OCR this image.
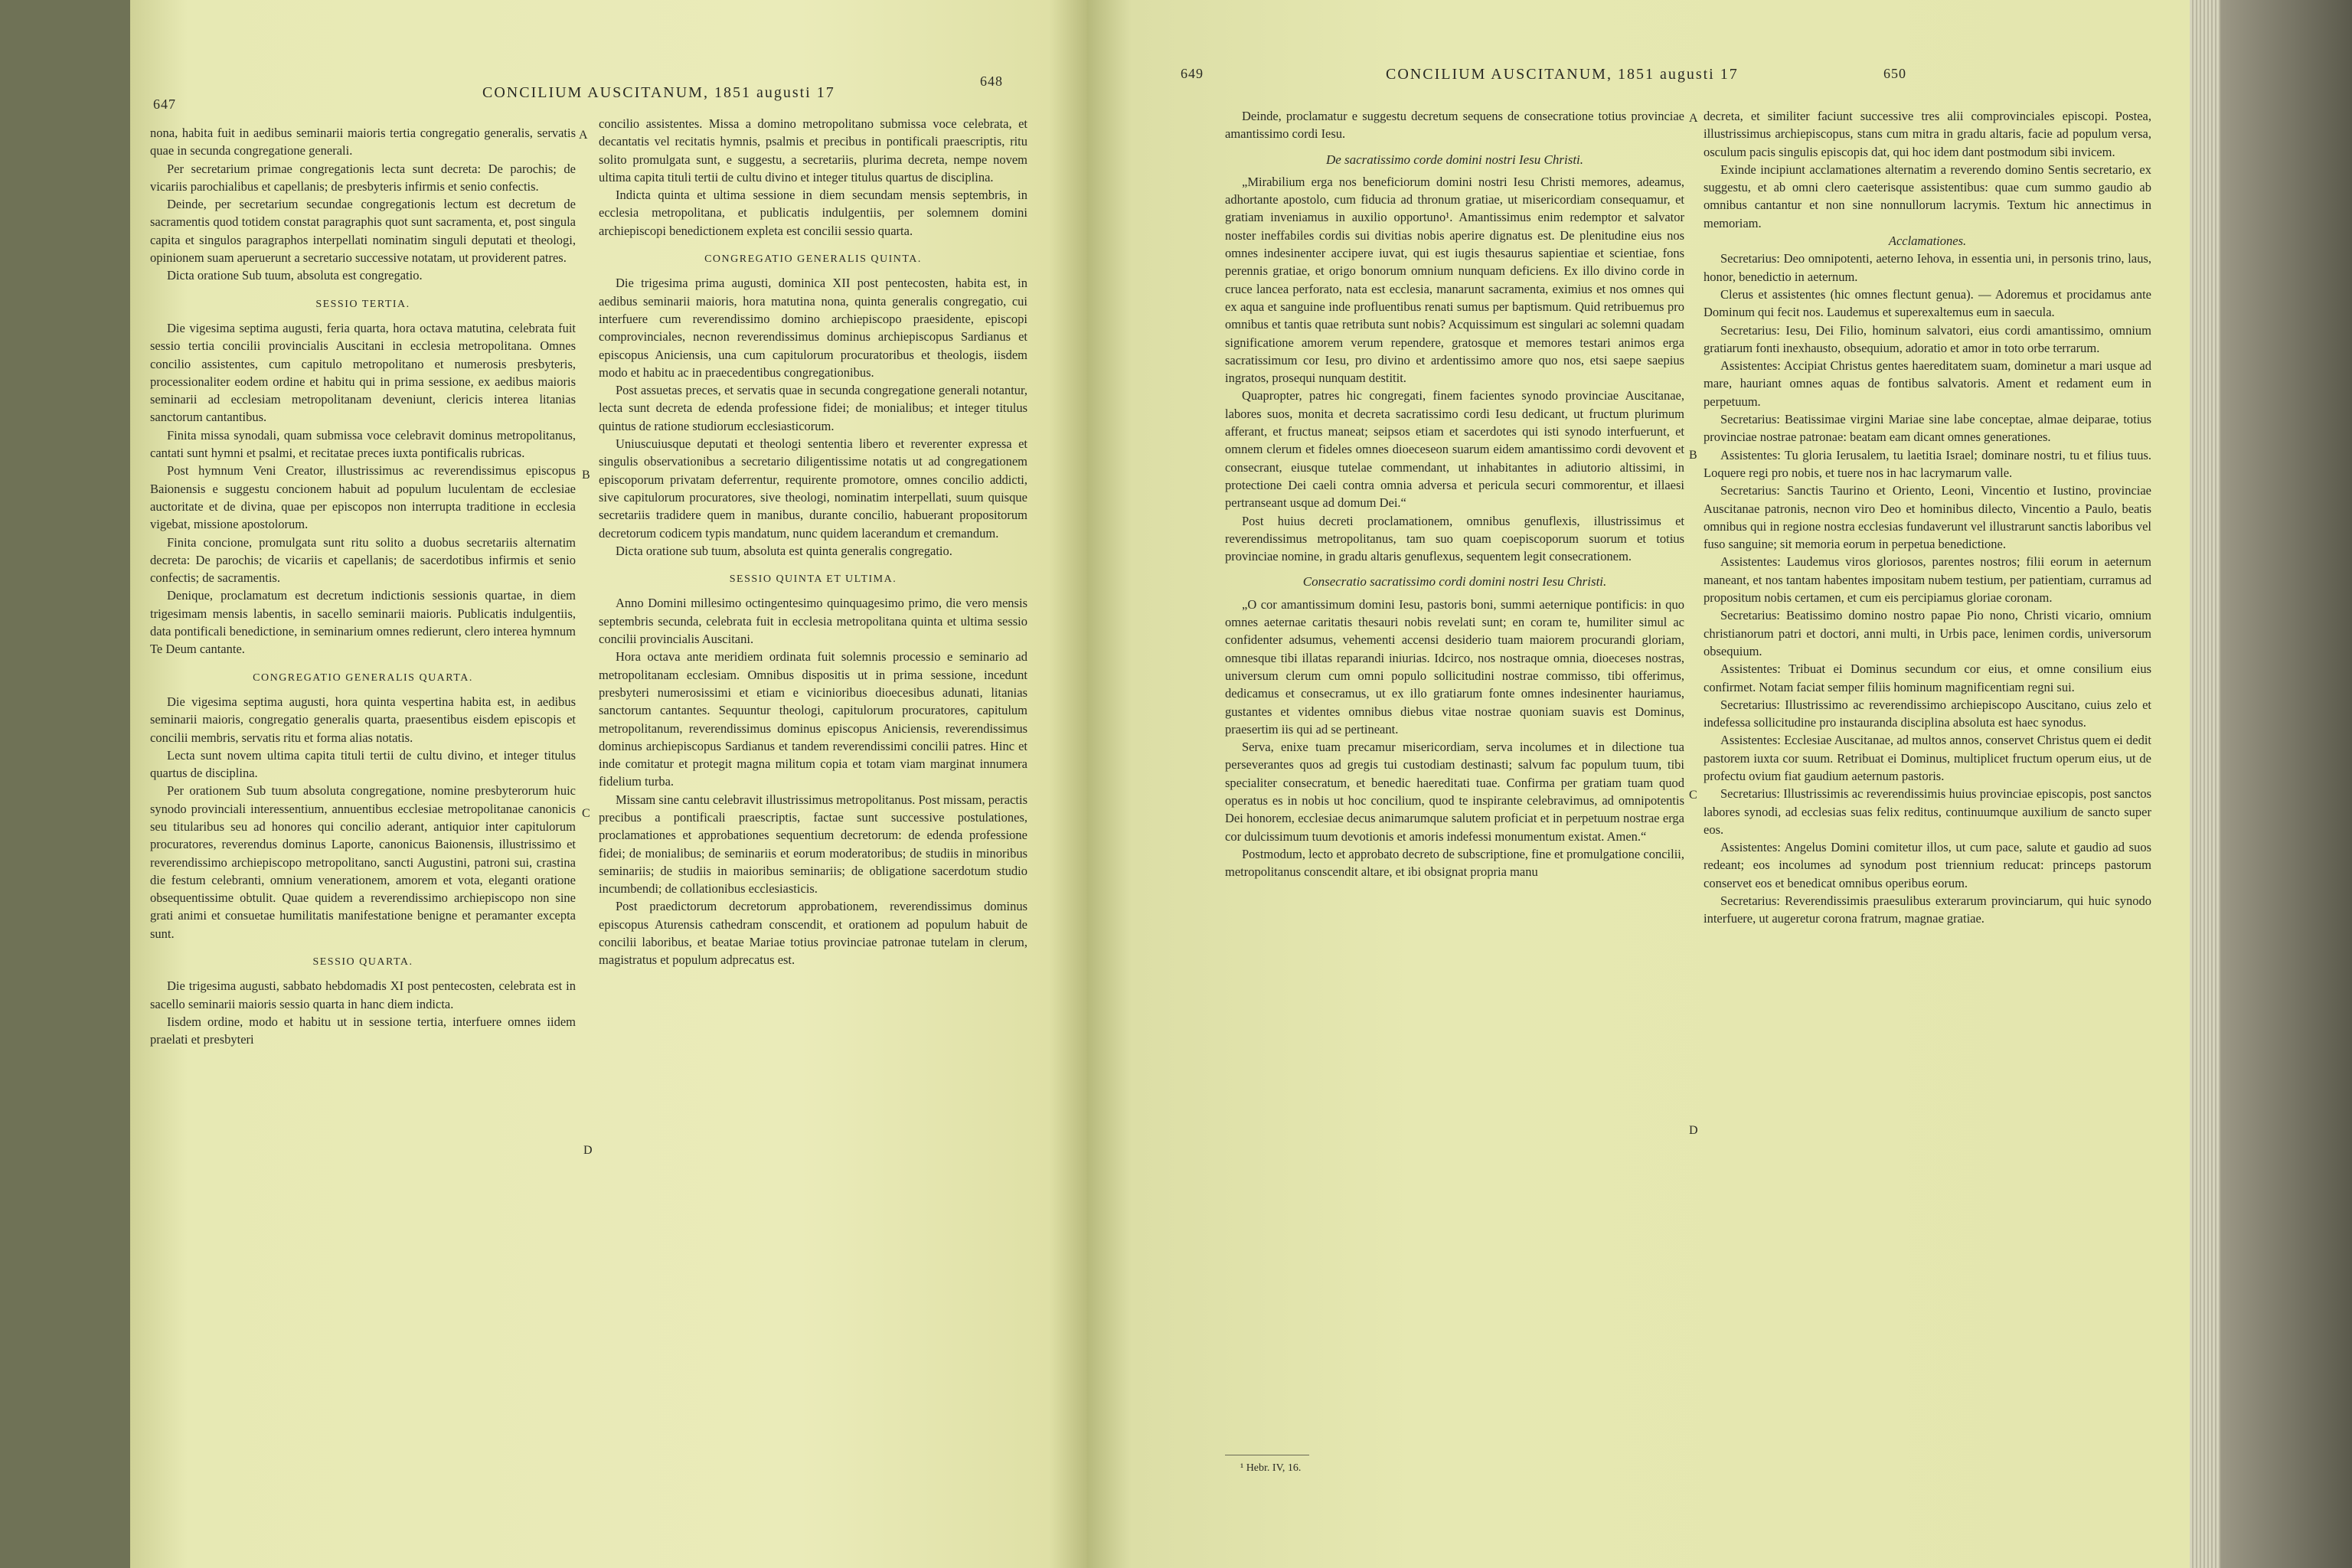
647
CONCILIUM AUSCITANUM, 1851 augusti 17
648

nona, habita fuit in aedibus seminarii maioris tertia congregatio generalis, servatis quae in secunda congregatione generali.

Per secretarium primae congregationis lecta sunt decreta: De parochis; de vicariis parochialibus et capellanis; de presbyteris infirmis et senio confectis.

Deinde, per secretarium secundae congregationis lectum est decretum de sacramentis quod totidem constat paragraphis quot sunt sacramenta, et, post singula capita et singulos paragraphos interpellati nominatim singuli deputati et theologi, opinionem suam aperuerunt a secretario successive notatam, ut providerent patres.

Dicta oratione Sub tuum, absoluta est congregatio.

SESSIO TERTIA.

Die vigesima septima augusti, feria quarta, hora octava matutina, celebrata fuit sessio tertia concilii provincialis Auscitani in ecclesia metropolitana. Omnes concilio assistentes, cum capitulo metropolitano et numerosis presbyteris, processionaliter eodem ordine et habitu qui in prima sessione, ex aedibus maioris seminarii ad ecclesiam metropolitanam deveniunt, clericis interea litanias sanctorum cantantibus.

Finita missa synodali, quam submissa voce celebravit dominus metropolitanus, cantati sunt hymni et psalmi, et recitatae preces iuxta pontificalis rubricas.

Post hymnum Veni Creator, illustrissimus ac reverendissimus episcopus Baionensis e suggestu concionem habuit ad populum luculentam de ecclesiae auctoritate et de divina, quae per episcopos non interrupta traditione in ecclesia vigebat, missione apostolorum.

Finita concione, promulgata sunt ritu solito a duobus secretariis alternatim decreta: De parochis; de vicariis et capellanis; de sacerdotibus infirmis et senio confectis; de sacramentis.

Denique, proclamatum est decretum indictionis sessionis quartae, in diem trigesimam mensis labentis, in sacello seminarii maioris. Publicatis indulgentiis, data pontificali benedictione, in seminarium omnes redierunt, clero interea hymnum Te Deum cantante.

CONGREGATIO GENERALIS QUARTA.

Die vigesima septima augusti, hora quinta vespertina habita est, in aedibus seminarii maioris, congregatio generalis quarta, praesentibus eisdem episcopis et concilii membris, servatis ritu et forma alias notatis.

Lecta sunt novem ultima capita tituli tertii de cultu divino, et integer titulus quartus de disciplina.

Per orationem Sub tuum absoluta congregatione, nomine presbyterorum huic synodo provinciali interessentium, annuentibus ecclesiae metropolitanae canonicis seu titularibus seu ad honores qui concilio aderant, antiquior inter capitulorum procuratores, reverendus dominus Laporte, canonicus Baionensis, illustrissimo et reverendissimo archiepiscopo metropolitano, sancti Augustini, patroni sui, crastina die festum celebranti, omnium venerationem, amorem et vota, eleganti oratione obsequentissime obtulit. Quae quidem a reverendissimo archiepiscopo non sine grati animi et consuetae humilitatis manifestatione benigne et peramanter excepta sunt.

SESSIO QUARTA.

Die trigesima augusti, sabbato hebdomadis XI post pentecosten, celebrata est in sacello seminarii maioris sessio quarta in hanc diem indicta.

Iisdem ordine, modo et habitu ut in sessione tertia, interfuere omnes iidem praelati et presbyteri

concilio assistentes. Missa a domino metropolitano submissa voce celebrata, et decantatis vel recitatis hymnis, psalmis et precibus in pontificali praescriptis, ritu solito promulgata sunt, e suggestu, a secretariis, plurima decreta, nempe novem ultima capita tituli tertii de cultu divino et integer titulus quartus de disciplina.

Indicta quinta et ultima sessione in diem secundam mensis septembris, in ecclesia metropolitana, et publicatis indulgentiis, per solemnem domini archiepiscopi benedictionem expleta est concilii sessio quarta.

CONGREGATIO GENERALIS QUINTA.

Die trigesima prima augusti, dominica XII post pentecosten, habita est, in aedibus seminarii maioris, hora matutina nona, quinta generalis congregatio, cui interfuere cum reverendissimo domino archiepiscopo praesidente, episcopi comprovinciales, necnon reverendissimus dominus archiepiscopus Sardianus et episcopus Aniciensis, una cum capitulorum procuratoribus et theologis, iisdem modo et habitu ac in praecedentibus congregationibus.

Post assuetas preces, et servatis quae in secunda congregatione generali notantur, lecta sunt decreta de edenda professione fidei; de monialibus; et integer titulus quintus de ratione studiorum ecclesiasticorum.

Uniuscuiusque deputati et theologi sententia libero et reverenter expressa et singulis observationibus a secretario diligentissime notatis ut ad congregationem episcoporum privatam deferrentur, requirente promotore, omnes concilio addicti, sive capitulorum procuratores, sive theologi, nominatim interpellati, suum quisque secretariis tradidere quem in manibus, durante concilio, habuerant propositorum decretorum codicem typis mandatum, nunc quidem lacerandum et cremandum.

Dicta oratione sub tuum, absoluta est quinta generalis congregatio.

SESSIO QUINTA ET ULTIMA.

Anno Domini millesimo octingentesimo quinquagesimo primo, die vero mensis septembris secunda, celebrata fuit in ecclesia metropolitana quinta et ultima sessio concilii provincialis Auscitani.

Hora octava ante meridiem ordinata fuit solemnis processio e seminario ad metropolitanam ecclesiam. Omnibus dispositis ut in prima sessione, incedunt presbyteri numerosissimi et etiam e vicinioribus dioecesibus adunati, litanias sanctorum cantantes. Sequuntur theologi, capitulorum procuratores, capitulum metropolitanum, reverendissimus dominus episcopus Aniciensis, reverendissimus dominus archiepiscopus Sardianus et tandem reverendissimi concilii patres. Hinc et inde comitatur et protegit magna militum copia et totam viam marginat innumera fidelium turba.

Missam sine cantu celebravit illustrissimus metropolitanus. Post missam, peractis precibus a pontificali praescriptis, factae sunt successive postulationes, proclamationes et approbationes sequentium decretorum: de edenda professione fidei; de monialibus; de seminariis et eorum moderatoribus; de studiis in minoribus seminariis; de studiis in maioribus seminariis; de obligatione sacerdotum studio incumbendi; de collationibus ecclesiasticis.

Post praedictorum decretorum approbationem, reverendissimus dominus episcopus Aturensis cathedram conscendit, et orationem ad populum habuit de concilii laboribus, et beatae Mariae totius provinciae patronae tutelam in clerum, magistratus et populum adprecatus est.

A
B
C
D
649	CONCILIUM AUSCITANUM, 1851 augusti 17	650

Deinde, proclamatur e suggestu decretum sequens de consecratione totius provinciae amantissimo cordi Iesu.

De sacratissimo corde domini nostri Iesu Christi.

„Mirabilium erga nos beneficiorum domini nostri Iesu Christi memores, adeamus, adhortante apostolo, cum fiducia ad thronum gratiae, ut misericordiam consequamur, et gratiam inveniamus in auxilio opportuno¹. Amantissimus enim redemptor et salvator noster ineffabiles cordis sui divitias nobis aperire dignatus est. De plenitudine eius nos omnes indesinenter accipere iuvat, qui est iugis thesaurus sapientiae et scientiae, fons perennis gratiae, et origo bonorum omnium nunquam deficiens. Ex illo divino corde in cruce lancea perforato, nata est ecclesia, manarunt sacramenta, eximius et nos omnes qui ex aqua et sanguine inde profluentibus renati sumus per baptismum. Quid retribuemus pro omnibus et tantis quae retributa sunt nobis? Acquissimum est singulari ac solemni quadam significatione amorem verum rependere, gratosque et memores testari animos erga sacratissimum cor Iesu, pro divino et ardentissimo amore quo nos, etsi saepe saepius ingratos, prosequi nunquam destitit.

Quapropter, patres hic congregati, finem facientes synodo provinciae Auscitanae, labores suos, monita et decreta sacratissimo cordi Iesu dedicant, ut fructum plurimum afferant, et fructus maneat; seipsos etiam et sacerdotes qui isti synodo interfuerunt, et omnem clerum et fideles omnes dioeceseon suarum eidem amantissimo cordi devovent et consecrant, eiusque tutelae commendant, ut inhabitantes in adiutorio altissimi, in protectione Dei caeli contra omnia adversa et pericula securi commorentur, et illaesi pertranseant usque ad domum Dei.“

Post huius decreti proclamationem, omnibus genuflexis, illustrissimus et reverendissimus metropolitanus, tam suo quam coepiscoporum suorum et totius provinciae nomine, in gradu altaris genuflexus, sequentem legit consecrationem.

Consecratio sacratissimo cordi domini nostri Iesu Christi.

„O cor amantissimum domini Iesu, pastoris boni, summi aeternique pontificis: in quo omnes aeternae caritatis thesauri nobis revelati sunt; en coram te, humiliter simul ac confidenter adsumus, vehementi accensi desiderio tuam maiorem procurandi gloriam, omnesque tibi illatas reparandi iniurias. Idcirco, nos nostraque omnia, dioeceses nostras, universum clerum cum omni populo sollicitudini nostrae commisso, tibi offerimus, dedicamus et consecramus, ut ex illo gratiarum fonte omnes indesinenter hauriamus, gustantes et videntes omnibus diebus vitae nostrae quoniam suavis est Dominus, praesertim iis qui ad se pertineant.

Serva, enixe tuam precamur misericordiam, serva incolumes et in dilectione tua perseverantes quos ad gregis tui custodiam destinasti; salvum fac populum tuum, tibi specialiter consecratum, et benedic haereditati tuae. Confirma per gratiam tuam quod operatus es in nobis ut hoc concilium, quod te inspirante celebravimus, ad omnipotentis Dei honorem, ecclesiae decus animarumque salutem proficiat et in perpetuum nostrae erga cor dulcissimum tuum devotionis et amoris indefessi monumentum existat. Amen.“

Postmodum, lecto et approbato decreto de subscriptione, fine et promulgatione concilii, metropolitanus conscendit altare, et ibi obsignat propria manu

decreta, et similiter faciunt successive tres alii comprovinciales episcopi. Postea, illustrissimus archiepiscopus, stans cum mitra in gradu altaris, facie ad populum versa, osculum pacis singulis episcopis dat, qui hoc idem dant postmodum sibi invicem.

Exinde incipiunt acclamationes alternatim a reverendo domino Sentis secretario, ex suggestu, et ab omni clero caeterisque assistentibus: quae cum summo gaudio ab omnibus cantantur et non sine nonnullorum lacrymis. Textum hic annectimus in memoriam.

Acclamationes.

Secretarius: Deo omnipotenti, aeterno Iehova, in essentia uni, in personis trino, laus, honor, benedictio in aeternum.

Clerus et assistentes (hic omnes flectunt genua). — Adoremus et procidamus ante Dominum qui fecit nos. Laudemus et superexaltemus eum in saecula.

Secretarius: Iesu, Dei Filio, hominum salvatori, eius cordi amantissimo, omnium gratiarum fonti inexhausto, obsequium, adoratio et amor in toto orbe terrarum.

Assistentes: Accipiat Christus gentes haereditatem suam, dominetur a mari usque ad mare, hauriant omnes aquas de fontibus salvatoris. Ament et redament eum in perpetuum.

Secretarius: Beatissimae virgini Mariae sine labe conceptae, almae deiparae, totius provinciae nostrae patronae: beatam eam dicant omnes generationes.

Assistentes: Tu gloria Ierusalem, tu laetitia Israel; dominare nostri, tu et filius tuus. Loquere regi pro nobis, et tuere nos in hac lacrymarum valle.

Secretarius: Sanctis Taurino et Oriento, Leoni, Vincentio et Iustino, provinciae Auscitanae patronis, necnon viro Deo et hominibus dilecto, Vincentio a Paulo, beatis omnibus qui in regione nostra ecclesias fundaverunt vel illustrarunt sanctis laboribus vel fuso sanguine; sit memoria eorum in perpetua benedictione.

Assistentes: Laudemus viros gloriosos, parentes nostros; filii eorum in aeternum maneant, et nos tantam habentes impositam nubem testium, per patientiam, curramus ad propositum nobis certamen, et cum eis percipiamus gloriae coronam.

Secretarius: Beatissimo domino nostro papae Pio nono, Christi vicario, omnium christianorum patri et doctori, anni multi, in Urbis pace, lenimen cordis, universorum obsequium.

Assistentes: Tribuat ei Dominus secundum cor eius, et omne consilium eius confirmet. Notam faciat semper filiis hominum magnificentiam regni sui.

Secretarius: Illustrissimo ac reverendissimo archiepiscopo Auscitano, cuius zelo et indefessa sollicitudine pro instauranda disciplina absoluta est haec synodus.

Assistentes: Ecclesiae Auscitanae, ad multos annos, conservet Christus quem ei dedit pastorem iuxta cor suum. Retribuat ei Dominus, multiplicet fructum operum eius, ut de profectu ovium fiat gaudium aeternum pastoris.

Secretarius: Illustrissimis ac reverendissimis huius provinciae episcopis, post sanctos labores synodi, ad ecclesias suas felix reditus, continuumque auxilium de sancto super eos.

Assistentes: Angelus Domini comitetur illos, ut cum pace, salute et gaudio ad suos redeant; eos incolumes ad synodum post triennium reducat: princeps pastorum conservet eos et benedicat omnibus operibus eorum.

Secretarius: Reverendissimis praesulibus exterarum provinciarum, qui huic synodo interfuere, ut augeretur corona fratrum, magnae gratiae.

A
B
C
D
¹ Hebr. IV, 16.
